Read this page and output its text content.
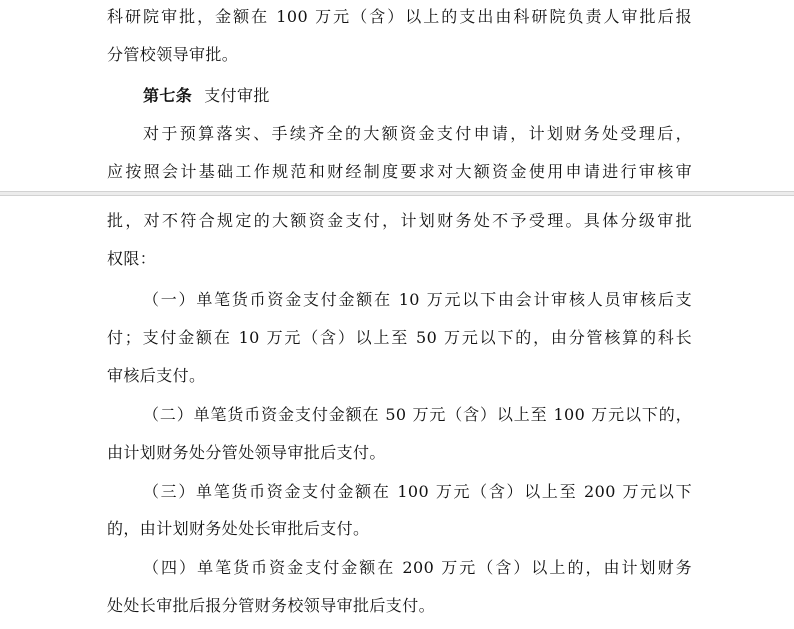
科研院审批，金额在 100 万元（含）以上的支出由科研院负责人审批后报
分管校领导审批。
第七条 支付审批
对于预算落实、手续齐全的大额资金支付申请，计划财务处受理后，
应按照会计基础工作规范和财经制度要求对大额资金使用申请进行审核审
批，对不符合规定的大额资金支付，计划财务处不予受理。具体分级审批
权限：
（一）单笔货币资金支付金额在 10 万元以下由会计审核人员审核后支
付；支付金额在 10 万元（含）以上至 50 万元以下的，由分管核算的科长
审核后支付。
（二）单笔货币资金支付金额在 50 万元（含）以上至 100 万元以下的，
由计划财务处分管处领导审批后支付。
（三）单笔货币资金支付金额在 100 万元（含）以上至 200 万元以下
的，由计划财务处处长审批后支付。
（四）单笔货币资金支付金额在 200 万元（含）以上的，由计划财务
处处长审批后报分管财务校领导审批后支付。
